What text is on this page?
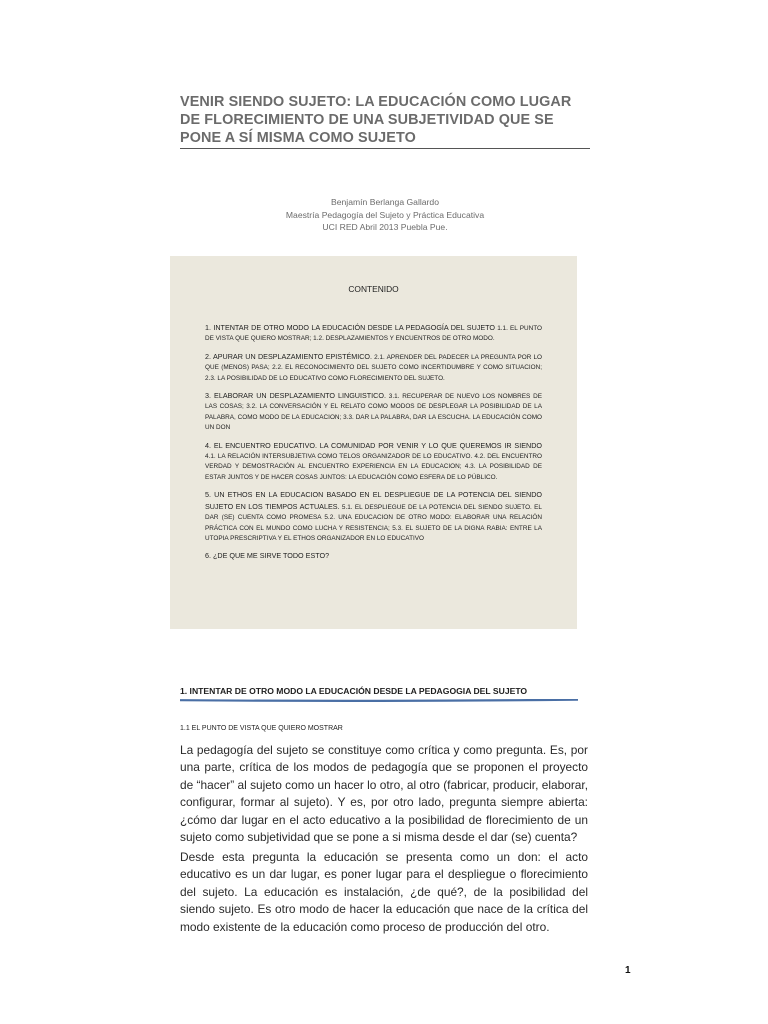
VENIR SIENDO SUJETO: LA EDUCACIÓN COMO LUGAR DE FLORECIMIENTO DE UNA SUBJETIVIDAD QUE SE PONE A SÍ MISMA COMO SUJETO
Benjamín Berlanga Gallardo
Maestría Pedagogía del Sujeto y Práctica Educativa
UCI RED Abril 2013 Puebla Pue.
CONTENIDO
1. INTENTAR DE OTRO MODO LA EDUCACIÓN DESDE LA PEDAGOGÍA DEL SUJETO 1.1. EL PUNTO DE VISTA QUE QUIERO MOSTRAR; 1.2. DESPLAZAMIENTOS Y ENCUENTROS DE OTRO MODO.
2. APURAR UN DESPLAZAMIENTO EPISTÉMICO. 2.1. APRENDER DEL PADECER LA PREGUNTA POR LO QUE (MENOS) PASA; 2.2. EL RECONOCIMIENTO DEL SUJETO COMO INCERTIDUMBRE Y COMO SITUACION; 2.3. LA POSIBILIDAD DE LO EDUCATIVO COMO FLORECIMIENTO DEL SUJETO.
3. ELABORAR UN DESPLAZAMIENTO LINGUISTICO. 3.1. RECUPERAR DE NUEVO LOS NOMBRES DE LAS COSAS; 3.2. LA CONVERSACIÓN Y EL RELATO COMO MODOS DE DESPLEGAR LA POSIBILIDAD DE LA PALABRA, COMO MODO DE LA EDUCACION; 3.3. DAR LA PALABRA, DAR LA ESCUCHA. LA EDUCACIÓN COMO UN DON
4. EL ENCUENTRO EDUCATIVO. LA COMUNIDAD POR VENIR Y LO QUE QUEREMOS IR SIENDO 4.1. LA RELACIÓN INTERSUBJETIVA COMO TELOS ORGANIZADOR DE LO EDUCATIVO. 4.2. DEL ENCUENTRO VERDAD Y DEMOSTRACIÓN AL ENCUENTRO EXPERIENCIA EN LA EDUCACION; 4.3. LA POSIBILIDAD DE ESTAR JUNTOS Y DE HACER COSAS JUNTOS: LA EDUCACIÓN COMO ESFERA DE LO PÚBLICO.
5. UN ETHOS EN LA EDUCACION BASADO EN EL DESPLIEGUE DE LA POTENCIA DEL SIENDO SUJETO EN LOS TIEMPOS ACTUALES. 5.1. EL DESPLIEGUE DE LA POTENCIA DEL SIENDO SUJETO. EL DAR (SE) CUENTA COMO PROMESA 5.2. UNA EDUCACION DE OTRO MODO: ELABORAR UNA RELACIÓN PRÁCTICA CON EL MUNDO COMO LUCHA Y RESISTENCIA; 5.3. EL SUJETO DE LA DIGNA RABIA: ENTRE LA UTOPIA PRESCRIPTIVA Y EL ETHOS ORGANIZADOR EN LO EDUCATIVO
6. ¿DE QUE ME SIRVE TODO ESTO?
1. INTENTAR DE OTRO MODO LA EDUCACIÓN DESDE LA PEDAGOGIA DEL SUJETO
1.1 EL PUNTO DE VISTA QUE QUIERO MOSTRAR

La pedagogía del sujeto se constituye como crítica y como pregunta. Es, por una parte, crítica de los modos de pedagogía que se proponen el proyecto de “hacer” al sujeto como un hacer lo otro, al otro (fabricar, producir, elaborar, configurar, formar al sujeto). Y es, por otro lado, pregunta siempre abierta: ¿cómo dar lugar en el acto educativo a la posibilidad de florecimiento de un sujeto como subjetividad que se pone a si misma desde el dar (se) cuenta?

Desde esta pregunta la educación se presenta como un don: el acto educativo es un dar lugar, es poner lugar para el despliegue o florecimiento del sujeto. La educación es instalación, ¿de qué?, de la posibilidad del siendo sujeto. Es otro modo de hacer la educación que nace de la crítica del modo existente de la educación como proceso de producción del otro.

1
